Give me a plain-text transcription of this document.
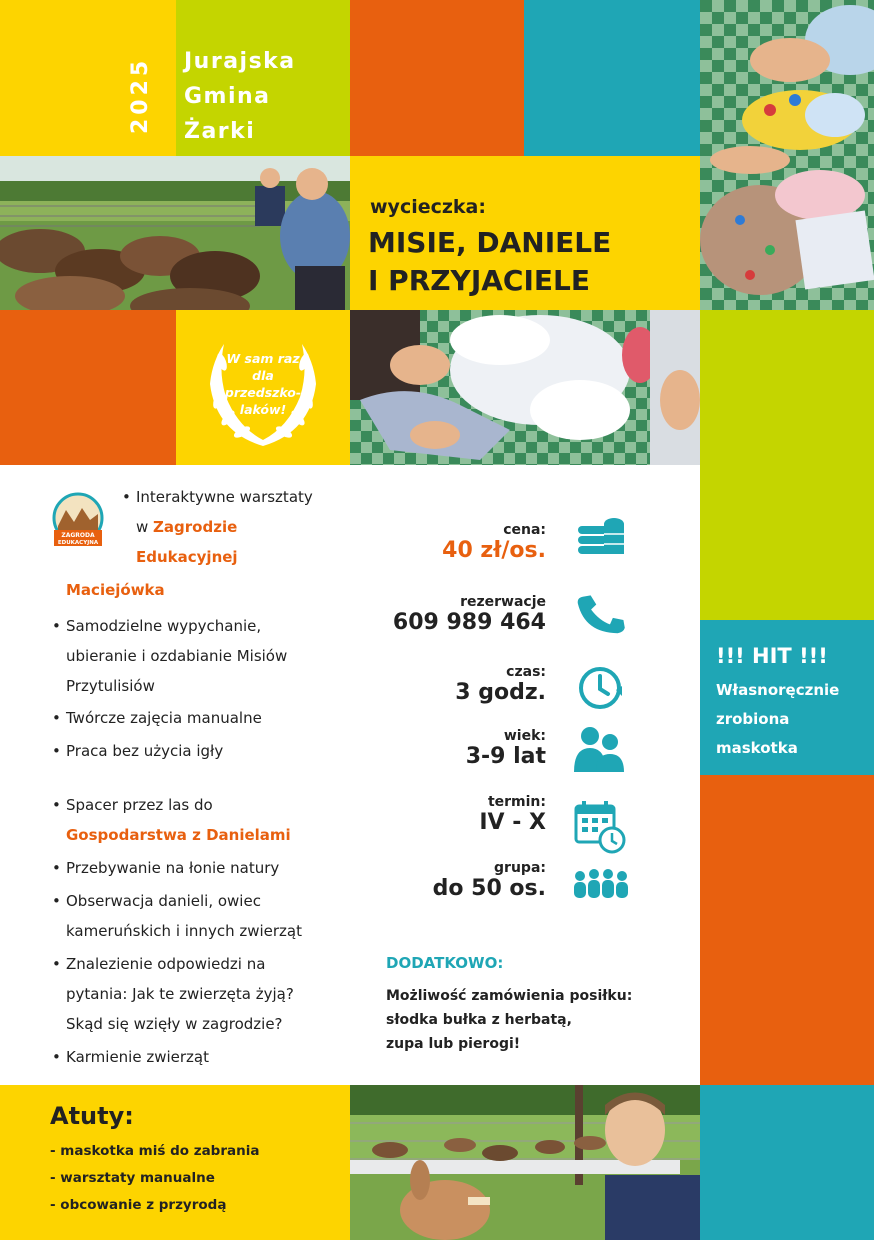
2025	Jurajska
Gmina
Żarki
wycieczka:
MISIE, DANIELE
I PRZYJACIELE
W sam raz
dla
przedszko-
laków!
ZAGRODA
EDUKACYJNA
• Interaktywne warsztaty
w Zagrodzie
Edukacyjnej
Maciejówka
• Samodzielne wypychanie,
ubieranie i ozdabianie Misiów
Przytulisiów
• Twórcze zajęcia manualne
• Praca bez użycia igły
• Spacer przez las do
Gospodarstwa z Danielami
• Przebywanie na łonie natury
• Obserwacja danieli, owiec
kameruńskich i innych zwierząt
• Znalezienie odpowiedzi na
pytania: Jak te zwierzęta żyją?
Skąd się wzięły w zagrodzie?
• Karmienie zwierząt
cena:
40 zł/os.
rezerwacje
609 989 464
czas:
3 godz.
wiek:
3-9 lat
termin:
IV - X
grupa:
do 50 os.
DODATKOWO:
Możliwość zamówienia posiłku:
słodka bułka z herbatą,
zupa lub pierogi!
!!! HIT !!!
Własnoręcznie
zrobiona
maskotka
Atuty:
- maskotka miś do zabrania
- warsztaty manualne
- obcowanie z przyrodą
